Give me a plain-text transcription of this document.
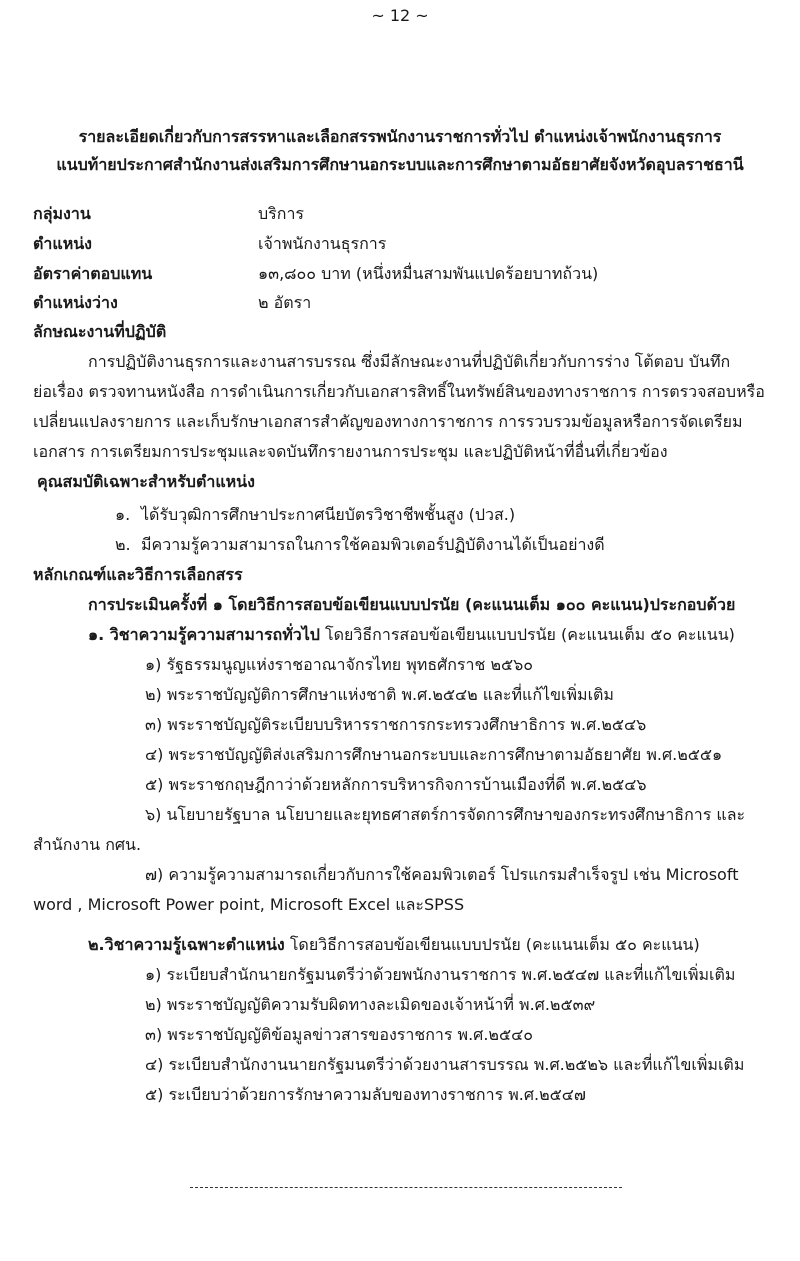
~ 12 ~
รายละเอียดเกี่ยวกับการสรรหาและเลือกสรรพนักงานราชการทั่วไป ตำแหน่งเจ้าพนักงานธุรการ
แนบท้ายประกาศสำนักงานส่งเสริมการศึกษานอกระบบและการศึกษาตามอัธยาศัยจังหวัดอุบลราชธานี
กลุ่มงาน	บริการ
ตำแหน่ง	เจ้าพนักงานธุรการ
อัตราค่าตอบแทน	๑๓,๘๐๐ บาท (หนึ่งหมื่นสามพันแปดร้อยบาทถ้วน)
ตำแหน่งว่าง	๒ อัตรา
ลักษณะงานที่ปฏิบัติ
การปฏิบัติงานธุรการและงานสารบรรณ ซึ่งมีลักษณะงานที่ปฏิบัติเกี่ยวกับการร่าง โต้ตอบ บันทึก
ย่อเรื่อง ตรวจทานหนังสือ การดำเนินการเกี่ยวกับเอกสารสิทธิ์ในทรัพย์สินของทางราชการ การตรวจสอบหรือ
เปลี่ยนแปลงรายการ และเก็บรักษาเอกสารสำคัญของทางการาชการ การรวบรวมข้อมูลหรือการจัดเตรียม
เอกสาร การเตรียมการประชุมและจดบันทึกรายงานการประชุม และปฏิบัติหน้าที่อื่นที่เกี่ยวข้อง
คุณสมบัติเฉพาะสำหรับตำแหน่ง
๑. ได้รับวุฒิการศึกษาประกาศนียบัตรวิชาชีพชั้นสูง (ปวส.)
๒. มีความรู้ความสามารถในการใช้คอมพิวเตอร์ปฏิบัติงานได้เป็นอย่างดี
หลักเกณฑ์และวิธีการเลือกสรร
การประเมินครั้งที่ ๑ โดยวิธีการสอบข้อเขียนแบบปรนัย (คะแนนเต็ม ๑๐๐ คะแนน)ประกอบด้วย
๑. วิชาความรู้ความสามารถทั่วไป โดยวิธีการสอบข้อเขียนแบบปรนัย (คะแนนเต็ม ๕๐ คะแนน)
๑) รัฐธรรมนูญแห่งราชอาณาจักรไทย พุทธศักราช ๒๕๖๐
๒) พระราชบัญญัติการศึกษาแห่งชาติ พ.ศ.๒๕๔๒ และที่แก้ไขเพิ่มเติม
๓) พระราชบัญญัติระเบียบบริหารราชการกระทรวงศึกษาธิการ พ.ศ.๒๕๔๖
๔) พระราชบัญญัติส่งเสริมการศึกษานอกระบบและการศึกษาตามอัธยาศัย พ.ศ.๒๕๕๑
๕) พระราชกฤษฎีกาว่าด้วยหลักการบริหารกิจการบ้านเมืองที่ดี พ.ศ.๒๕๔๖
๖) นโยบายรัฐบาล นโยบายและยุทธศาสตร์การจัดการศึกษาของกระทรงศึกษาธิการ และ
สำนักงาน กศน.
๗) ความรู้ความสามารถเกี่ยวกับการใช้คอมพิวเตอร์ โปรแกรมสำเร็จรูป เช่น Microsoft
word , Microsoft Power point, Microsoft Excel และSPSS
๒.วิชาความรู้เฉพาะตำแหน่ง โดยวิธีการสอบข้อเขียนแบบปรนัย (คะแนนเต็ม ๕๐ คะแนน)
๑) ระเบียบสำนักนายกรัฐมนตรีว่าด้วยพนักงานราชการ พ.ศ.๒๕๔๗ และที่แก้ไขเพิ่มเติม
๒) พระราชบัญญัติความรับผิดทางละเมิดของเจ้าหน้าที่ พ.ศ.๒๕๓๙
๓) พระราชบัญญัติข้อมูลข่าวสารของราชการ พ.ศ.๒๕๔๐
๔) ระเบียบสำนักงานนายกรัฐมนตรีว่าด้วยงานสารบรรณ พ.ศ.๒๕๒๖ และที่แก้ไขเพิ่มเติม
๕) ระเบียบว่าด้วยการรักษาความลับของทางราชการ พ.ศ.๒๕๔๗
